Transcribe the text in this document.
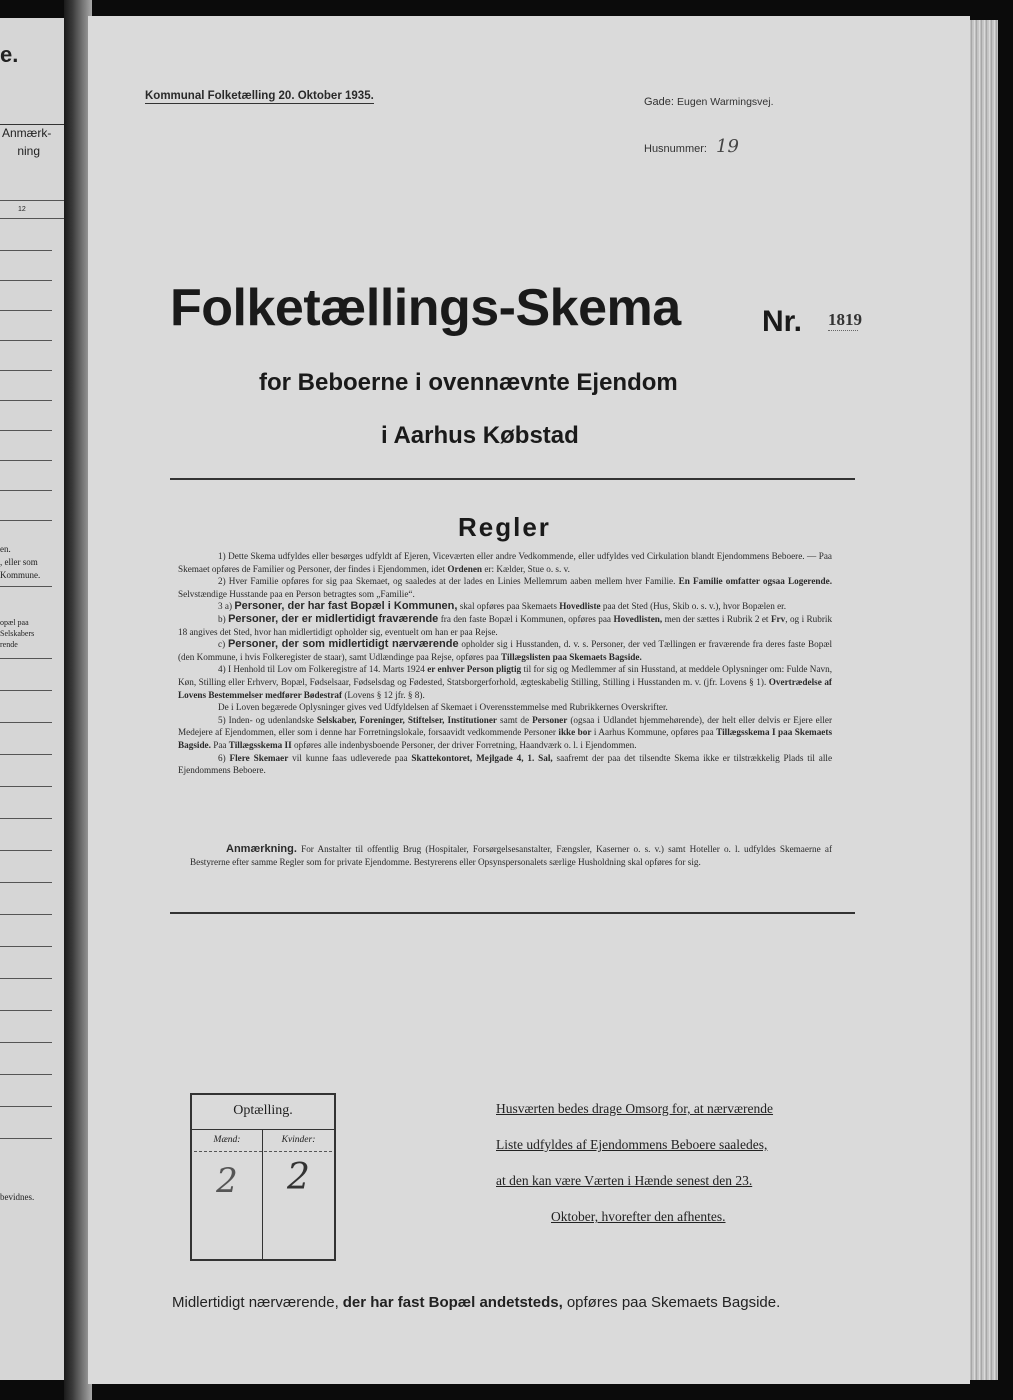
e.
Anmærk-
ning
12
en.
, eller som
Kommune.
opæl paa
Selskabers
rende
bevidnes.
Kommunal Folketælling 20. Oktober 1935.	Gade: Eugen Warmingsvej.
Husnummer: 19
Folketællings-Skema	Nr. 1819
for Beboerne i ovennævnte Ejendom
i Aarhus Købstad
Regler

1) Dette Skema udfyldes eller besørges udfyldt af Ejeren, Viceværten eller andre Vedkommende, eller udfyldes ved Cirkulation blandt Ejendommens Beboere. — Paa Skemaet opføres de Familier og Personer, der findes i Ejendommen, idet Ordenen er: Kælder, Stue o. s. v.

2) Hver Familie opføres for sig paa Skemaet, og saaledes at der lades en Linies Mellemrum aaben mellem hver Familie. En Familie omfatter ogsaa Logerende. Selvstændige Husstande paa en Person betragtes som „Familie“.

3 a) Personer, der har fast Bopæl i Kommunen, skal opføres paa Skemaets Hovedliste paa det Sted (Hus, Skib o. s. v.), hvor Bopælen er.

b) Personer, der er midlertidigt fraværende fra den faste Bopæl i Kommunen, opføres paa Hovedlisten, men der sættes i Rubrik 2 et Frv, og i Rubrik 18 angives det Sted, hvor han midlertidigt opholder sig, eventuelt om han er paa Rejse.

c) Personer, der som midlertidigt nærværende opholder sig i Husstanden, d. v. s. Personer, der ved Tællingen er fraværende fra deres faste Bopæl (den Kommune, i hvis Folkeregister de staar), samt Udlændinge paa Rejse, opføres paa Tillægslisten paa Skemaets Bagside.

4) I Henhold til Lov om Folkeregistre af 14. Marts 1924 er enhver Person pligtig til for sig og Medlemmer af sin Husstand, at meddele Oplysninger om: Fulde Navn, Køn, Stilling eller Erhverv, Bopæl, Fødselsaar, Fødselsdag og Fødested, Statsborgerforhold, ægteskabelig Stilling, Stilling i Husstanden m. v. (jfr. Lovens § 1). Overtrædelse af Lovens Bestemmelser medfører Bødestraf (Lovens § 12 jfr. § 8).

De i Loven begærede Oplysninger gives ved Udfyldelsen af Skemaet i Overensstemmelse med Rubrikkernes Overskrifter.

5) Inden- og udenlandske Selskaber, Foreninger, Stiftelser, Institutioner samt de Personer (ogsaa i Udlandet hjemmehørende), der helt eller delvis er Ejere eller Medejere af Ejendommen, eller som i denne har Forretningslokale, forsaavidt vedkommende Personer ikke bor i Aarhus Kommune, opføres paa Tillægsskema I paa Skemaets Bagside. Paa Tillægsskema II opføres alle indenbysboende Personer, der driver Forretning, Haandværk o. l. i Ejendommen.

6) Flere Skemaer vil kunne faas udleverede paa Skattekontoret, Mejlgade 4, 1. Sal, saafremt der paa det tilsendte Skema ikke er tilstrækkelig Plads til alle Ejendommens Beboere.

Anmærkning. For Anstalter til offentlig Brug (Hospitaler, Forsørgelsesanstalter, Fængsler, Kaserner o. s. v.) samt Hoteller o. l. udfyldes Skemaerne af Bestyrerne efter samme Regler som for private Ejendomme. Bestyrerens eller Opsynspersonalets særlige Husholdning skal opføres for sig.

Optælling.
Mænd:	Kvinder:
2	2
Husværten bedes drage Omsorg for, at nærværende
Liste udfyldes af Ejendommens Beboere saaledes,
at den kan være Værten i Hænde senest den 23.
Oktober, hvorefter den afhentes.
Midlertidigt nærværende, der har fast Bopæl andetsteds, opføres paa Skemaets Bagside.
